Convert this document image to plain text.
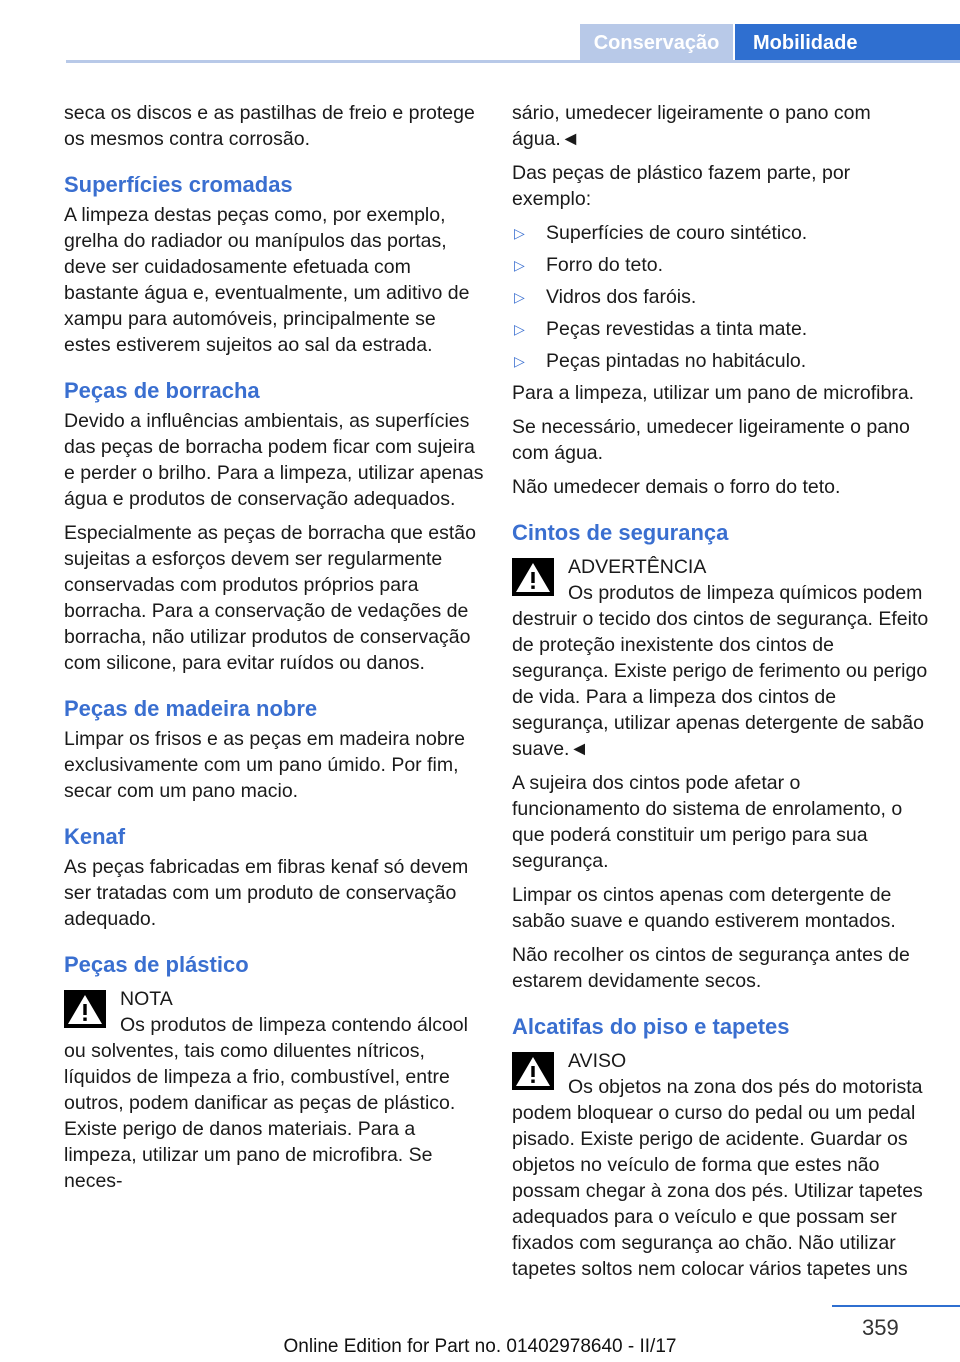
Conservação	Mobilidade

seca os discos e as pastilhas de freio e protege os mesmos contra corrosão.

Superfícies cromadas

A limpeza destas peças como, por exemplo, grelha do radiador ou manípulos das portas, deve ser cuidadosamente efetuada com bastante água e, eventualmente, um aditivo de xampu para automóveis, principalmente se estes estiverem sujeitos ao sal da estrada.

Peças de borracha

Devido a influências ambientais, as superfícies das peças de borracha podem ficar com sujeira e perder o brilho. Para a limpeza, utilizar apenas água e produtos de conservação adequados.

Especialmente as peças de borracha que estão sujeitas a esforços devem ser regularmente conservadas com produtos próprios para borracha. Para a conservação de vedações de borracha, não utilizar produtos de conservação com silicone, para evitar ruídos ou danos.

Peças de madeira nobre

Limpar os frisos e as peças em madeira nobre exclusivamente com um pano úmido. Por fim, secar com um pano macio.

Kenaf

As peças fabricadas em fibras kenaf só devem ser tratadas com um produto de conservação adequado.

Peças de plástico
NOTA
Os produtos de limpeza contendo álcool ou solventes, tais como diluentes nítricos, líquidos de limpeza a frio, combustível, entre outros, podem danificar as peças de plástico. Existe perigo de danos materiais. Para a limpeza, utilizar um pano de microfibra. Se neces-

sário, umedecer ligeiramente o pano com água.◄

Das peças de plástico fazem parte, por exemplo:

▷ Superfícies de couro sintético.
▷ Forro do teto.
▷ Vidros dos faróis.
▷ Peças revestidas a tinta mate.
▷ Peças pintadas no habitáculo.

Para a limpeza, utilizar um pano de microfibra.

Se necessário, umedecer ligeiramente o pano com água.

Não umedecer demais o forro do teto.

Cintos de segurança
ADVERTÊNCIA
Os produtos de limpeza químicos podem destruir o tecido dos cintos de segurança. Efeito de proteção inexistente dos cintos de segurança. Existe perigo de ferimento ou perigo de vida. Para a limpeza dos cintos de segurança, utilizar apenas detergente de sabão suave.◄

A sujeira dos cintos pode afetar o funcionamento do sistema de enrolamento, o que poderá constituir um perigo para sua segurança.

Limpar os cintos apenas com detergente de sabão suave e quando estiverem montados.

Não recolher os cintos de segurança antes de estarem devidamente secos.

Alcatifas do piso e tapetes
AVISO
Os objetos na zona dos pés do motorista podem bloquear o curso do pedal ou um pedal pisado. Existe perigo de acidente. Guardar os objetos no veículo de forma que estes não possam chegar à zona dos pés. Utilizar tapetes adequados para o veículo e que possam ser fixados com segurança ao chão. Não utilizar tapetes soltos nem colocar vários tapetes uns
359
Online Edition for Part no. 01402978640 - II/17
